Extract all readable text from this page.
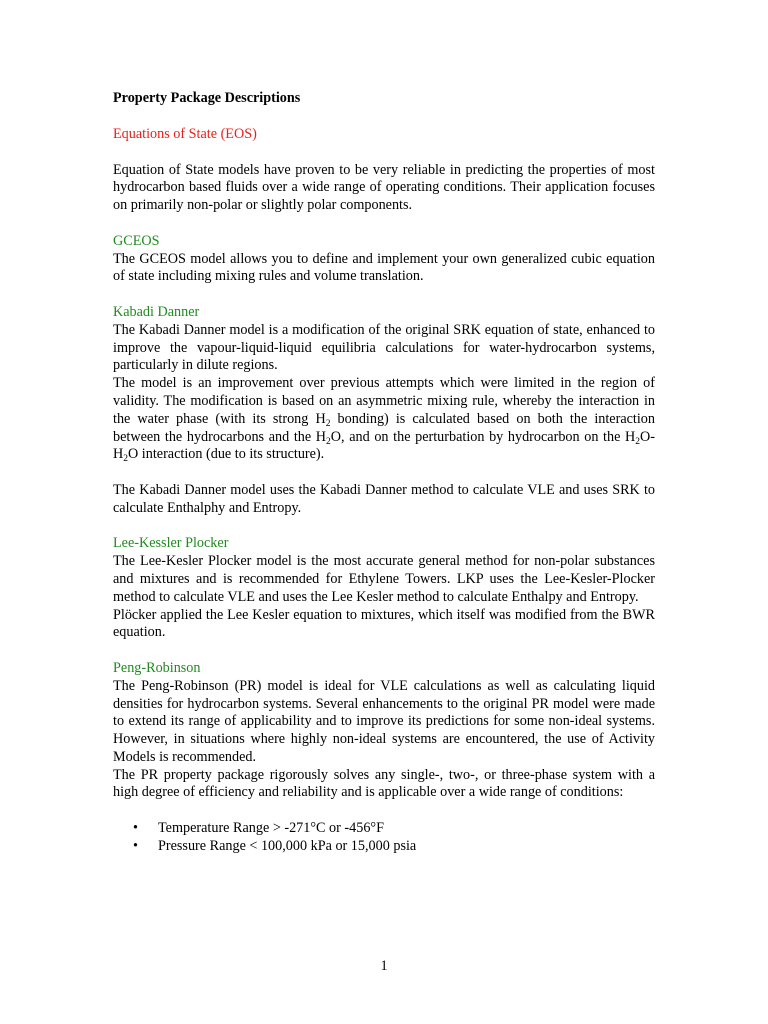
Property Package Descriptions
Equations of State (EOS)

Equation of State models have proven to be very reliable in predicting the properties of most hydrocarbon based fluids over a wide range of operating conditions. Their application focuses on primarily non-polar or slightly polar components.

GCEOS

The GCEOS model allows you to define and implement your own generalized cubic equation of state including mixing rules and volume translation.

Kabadi Danner

The Kabadi Danner model is a modification of the original SRK equation of state, enhanced to improve the vapour-liquid-liquid equilibria calculations for water-hydrocarbon systems, particularly in dilute regions.

The model is an improvement over previous attempts which were limited in the region of validity. The modification is based on an asymmetric mixing rule, whereby the interaction in the water phase (with its strong $H_2$ bonding) is calculated based on both the interaction between the hydrocarbons and the $H_2O$, and on the perturbation by hydrocarbon on the $H_2O-H_2O$ interaction (due to its structure).

The Kabadi Danner model uses the Kabadi Danner method to calculate VLE and uses SRK to calculate Enthalphy and Entropy.

Lee-Kessler Plocker

The Lee-Kesler Plocker model is the most accurate general method for non-polar substances and mixtures and is recommended for Ethylene Towers. LKP uses the Lee-Kesler-Plocker method to calculate VLE and uses the Lee Kesler method to calculate Enthalpy and Entropy.

Plöcker applied the Lee Kesler equation to mixtures, which itself was modified from the BWR equation.

Peng-Robinson

The Peng-Robinson (PR) model is ideal for VLE calculations as well as calculating liquid densities for hydrocarbon systems. Several enhancements to the original PR model were made to extend its range of applicability and to improve its predictions for some non-ideal systems. However, in situations where highly non-ideal systems are encountered, the use of Activity Models is recommended.

The PR property package rigorously solves any single-, two-, or three-phase system with a high degree of efficiency and reliability and is applicable over a wide range of conditions:

• Temperature Range > -271°C or -456°F
• Pressure Range < 100,000 kPa or 15,000 psia
1
